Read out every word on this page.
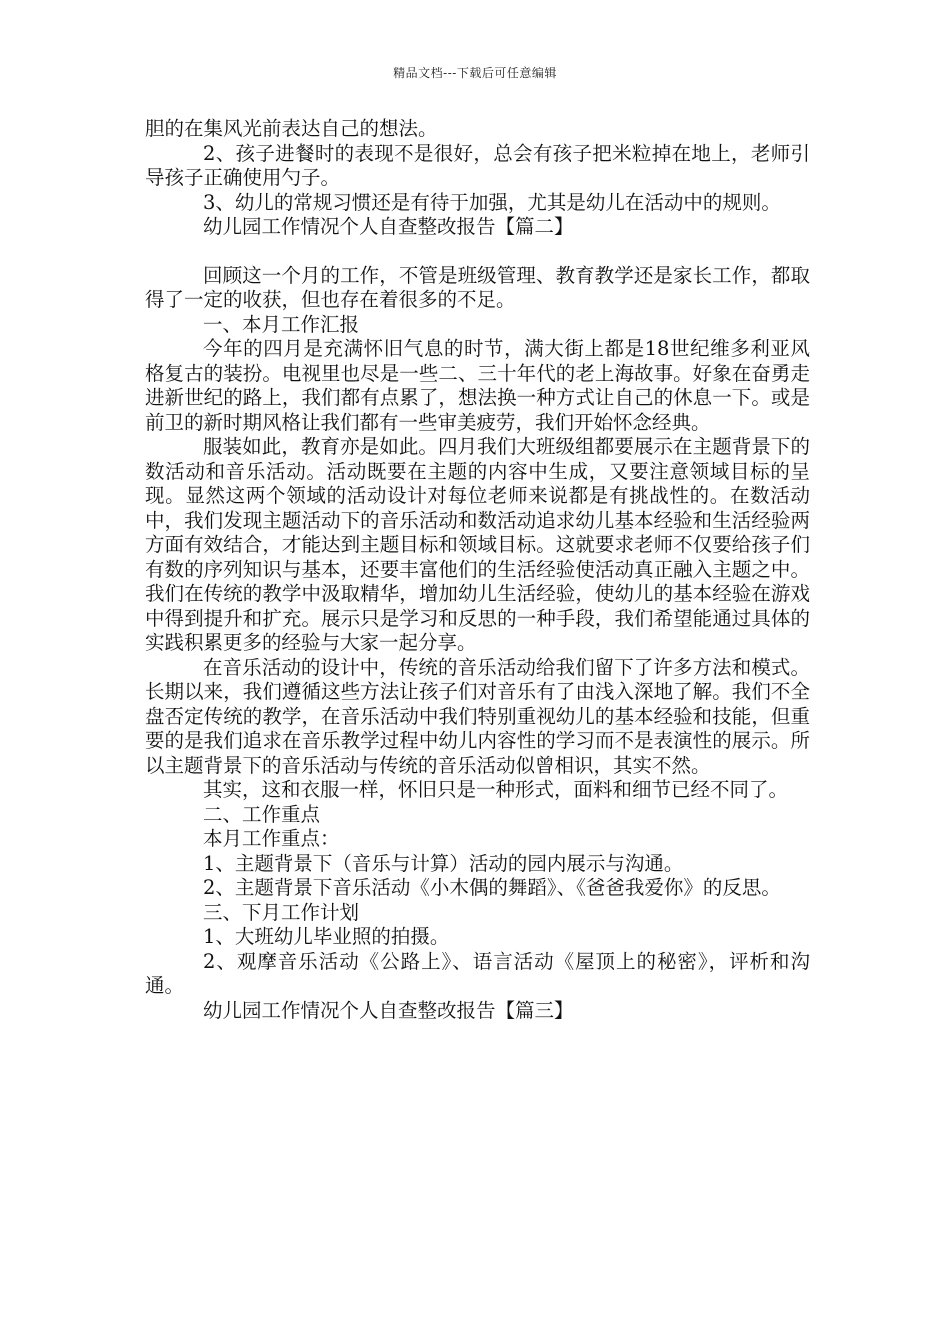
精品文档---下载后可任意编辑

胆的在集风光前表达自己的想法。

2、孩子进餐时的表现不是很好，总会有孩子把米粒掉在地上，老师引导孩子正确使用勺子。

3、幼儿的常规习惯还是有待于加强，尤其是幼儿在活动中的规则。

幼儿园工作情况个人自查整改报告【篇二】

回顾这一个月的工作，不管是班级管理、教育教学还是家长工作，都取得了一定的收获，但也存在着很多的不足。

一、本月工作汇报

今年的四月是充满怀旧气息的时节，满大街上都是18世纪维多利亚风格复古的装扮。电视里也尽是一些二、三十年代的老上海故事。好象在奋勇走进新世纪的路上，我们都有点累了，想法换一种方式让自己的休息一下。或是前卫的新时期风格让我们都有一些审美疲劳，我们开始怀念经典。

服装如此，教育亦是如此。四月我们大班级组都要展示在主题背景下的数活动和音乐活动。活动既要在主题的内容中生成，又要注意领域目标的呈现。显然这两个领域的活动设计对每位老师来说都是有挑战性的。在数活动中，我们发现主题活动下的音乐活动和数活动追求幼儿基本经验和生活经验两方面有效结合，才能达到主题目标和领域目标。这就要求老师不仅要给孩子们有数的序列知识与基本，还要丰富他们的生活经验使活动真正融入主题之中。我们在传统的教学中汲取精华，增加幼儿生活经验，使幼儿的基本经验在游戏中得到提升和扩充。展示只是学习和反思的一种手段，我们希望能通过具体的实践积累更多的经验与大家一起分享。

在音乐活动的设计中，传统的音乐活动给我们留下了许多方法和模式。长期以来，我们遵循这些方法让孩子们对音乐有了由浅入深地了解。我们不全盘否定传统的教学，在音乐活动中我们特别重视幼儿的基本经验和技能，但重要的是我们追求在音乐教学过程中幼儿内容性的学习而不是表演性的展示。所以主题背景下的音乐活动与传统的音乐活动似曾相识，其实不然。

其实，这和衣服一样，怀旧只是一种形式，面料和细节已经不同了。

二、工作重点

本月工作重点：

1、主题背景下（音乐与计算）活动的园内展示与沟通。

2、主题背景下音乐活动《小木偶的舞蹈》、《爸爸我爱你》的反思。

三、下月工作计划

1、大班幼儿毕业照的拍摄。

2、观摩音乐活动《公路上》、语言活动《屋顶上的秘密》，评析和沟通。

幼儿园工作情况个人自查整改报告【篇三】
